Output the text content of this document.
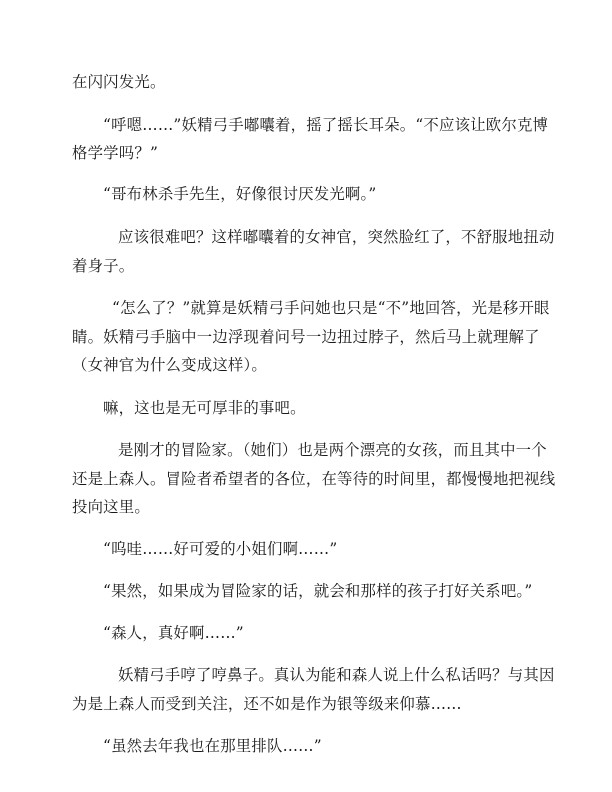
在闪闪发光。
“呼嗯……”妖精弓手嘟囔着，摇了摇长耳朵。“不应该让欧尔克博
格学学吗？”
“哥布林杀手先生，好像很讨厌发光啊。”
应该很难吧？这样嘟囔着的女神官，突然脸红了，不舒服地扭动
着身子。
“怎么了？”就算是妖精弓手问她也只是“不”地回答，光是移开眼
睛。妖精弓手脑中一边浮现着问号一边扭过脖子，然后马上就理解了
（女神官为什么变成这样）。
嘛，这也是无可厚非的事吧。
是刚才的冒险家。（她们）也是两个漂亮的女孩，而且其中一个
还是上森人。冒险者希望者的各位，在等待的时间里，都慢慢地把视线
投向这里。
“呜哇……好可爱的小姐们啊……”
“果然，如果成为冒险家的话，就会和那样的孩子打好关系吧。”
“森人，真好啊……”
妖精弓手哼了哼鼻子。真认为能和森人说上什么私话吗？与其因
为是上森人而受到关注，还不如是作为银等级来仰慕……
“虽然去年我也在那里排队……”
